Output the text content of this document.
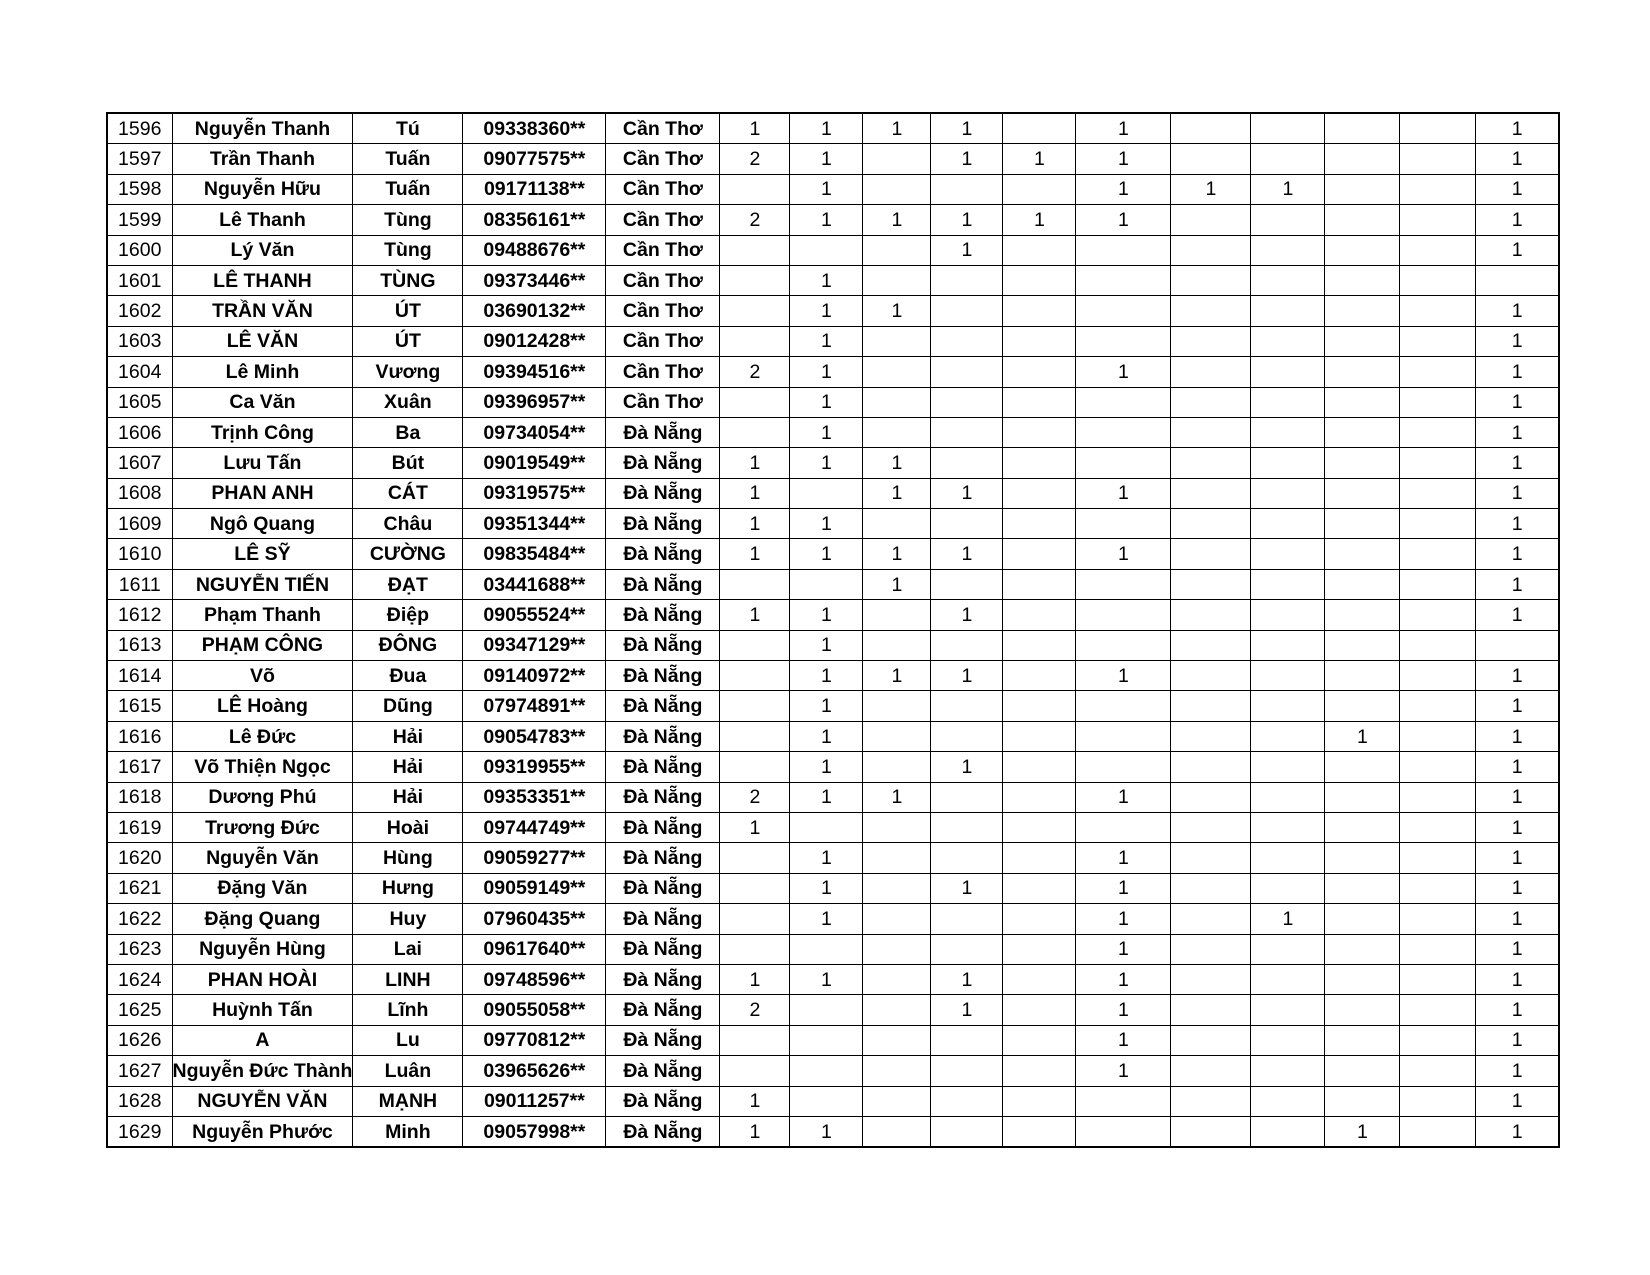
1596	Nguyễn Thanh	Tú	09338360**	Cần Thơ	1	1	1	1		1					1
1597	Trần Thanh	Tuấn	09077575**	Cần Thơ	2	1		1	1	1					1
1598	Nguyễn Hữu	Tuấn	09171138**	Cần Thơ		1				1	1	1			1
1599	Lê Thanh	Tùng	08356161**	Cần Thơ	2	1	1	1	1	1					1
1600	Lý Văn	Tùng	09488676**	Cần Thơ				1							1
1601	LÊ THANH	TÙNG	09373446**	Cần Thơ		1									
1602	TRẦN VĂN	ÚT	03690132**	Cần Thơ		1	1								1
1603	LÊ VĂN	ÚT	09012428**	Cần Thơ		1									1
1604	Lê Minh	Vương	09394516**	Cần Thơ	2	1				1					1
1605	Ca Văn	Xuân	09396957**	Cần Thơ		1									1
1606	Trịnh Công	Ba	09734054**	Đà Nẵng		1									1
1607	Lưu Tấn	Bút	09019549**	Đà Nẵng	1	1	1								1
1608	PHAN ANH	CÁT	09319575**	Đà Nẵng	1		1	1		1					1
1609	Ngô Quang	Châu	09351344**	Đà Nẵng	1	1									1
1610	LÊ SỸ	CƯỜNG	09835484**	Đà Nẵng	1	1	1	1		1					1
1611	NGUYỄN TIẾN	ĐẠT	03441688**	Đà Nẵng			1								1
1612	Phạm Thanh	Điệp	09055524**	Đà Nẵng	1	1		1							1
1613	PHẠM CÔNG	ĐÔNG	09347129**	Đà Nẵng		1									
1614	Võ	Đua	09140972**	Đà Nẵng		1	1	1		1					1
1615	LÊ Hoàng	Dũng	07974891**	Đà Nẵng		1									1
1616	Lê Đức	Hải	09054783**	Đà Nẵng		1							1		1
1617	Võ Thiện Ngọc	Hải	09319955**	Đà Nẵng		1		1							1
1618	Dương Phú	Hải	09353351**	Đà Nẵng	2	1	1			1					1
1619	Trương Đức	Hoài	09744749**	Đà Nẵng	1										1
1620	Nguyễn Văn	Hùng	09059277**	Đà Nẵng		1				1					1
1621	Đặng Văn	Hưng	09059149**	Đà Nẵng		1		1		1					1
1622	Đặng Quang	Huy	07960435**	Đà Nẵng		1				1		1			1
1623	Nguyễn Hùng	Lai	09617640**	Đà Nẵng						1					1
1624	PHAN HOÀI	LINH	09748596**	Đà Nẵng	1	1		1		1					1
1625	Huỳnh Tấn	Lĩnh	09055058**	Đà Nẵng	2			1		1					1
1626	A	Lu	09770812**	Đà Nẵng						1					1
1627	Nguyễn Đức Thành	Luân	03965626**	Đà Nẵng						1					1
1628	NGUYỄN VĂN	MẠNH	09011257**	Đà Nẵng	1										1
1629	Nguyễn Phước	Minh	09057998**	Đà Nẵng	1	1							1		1
